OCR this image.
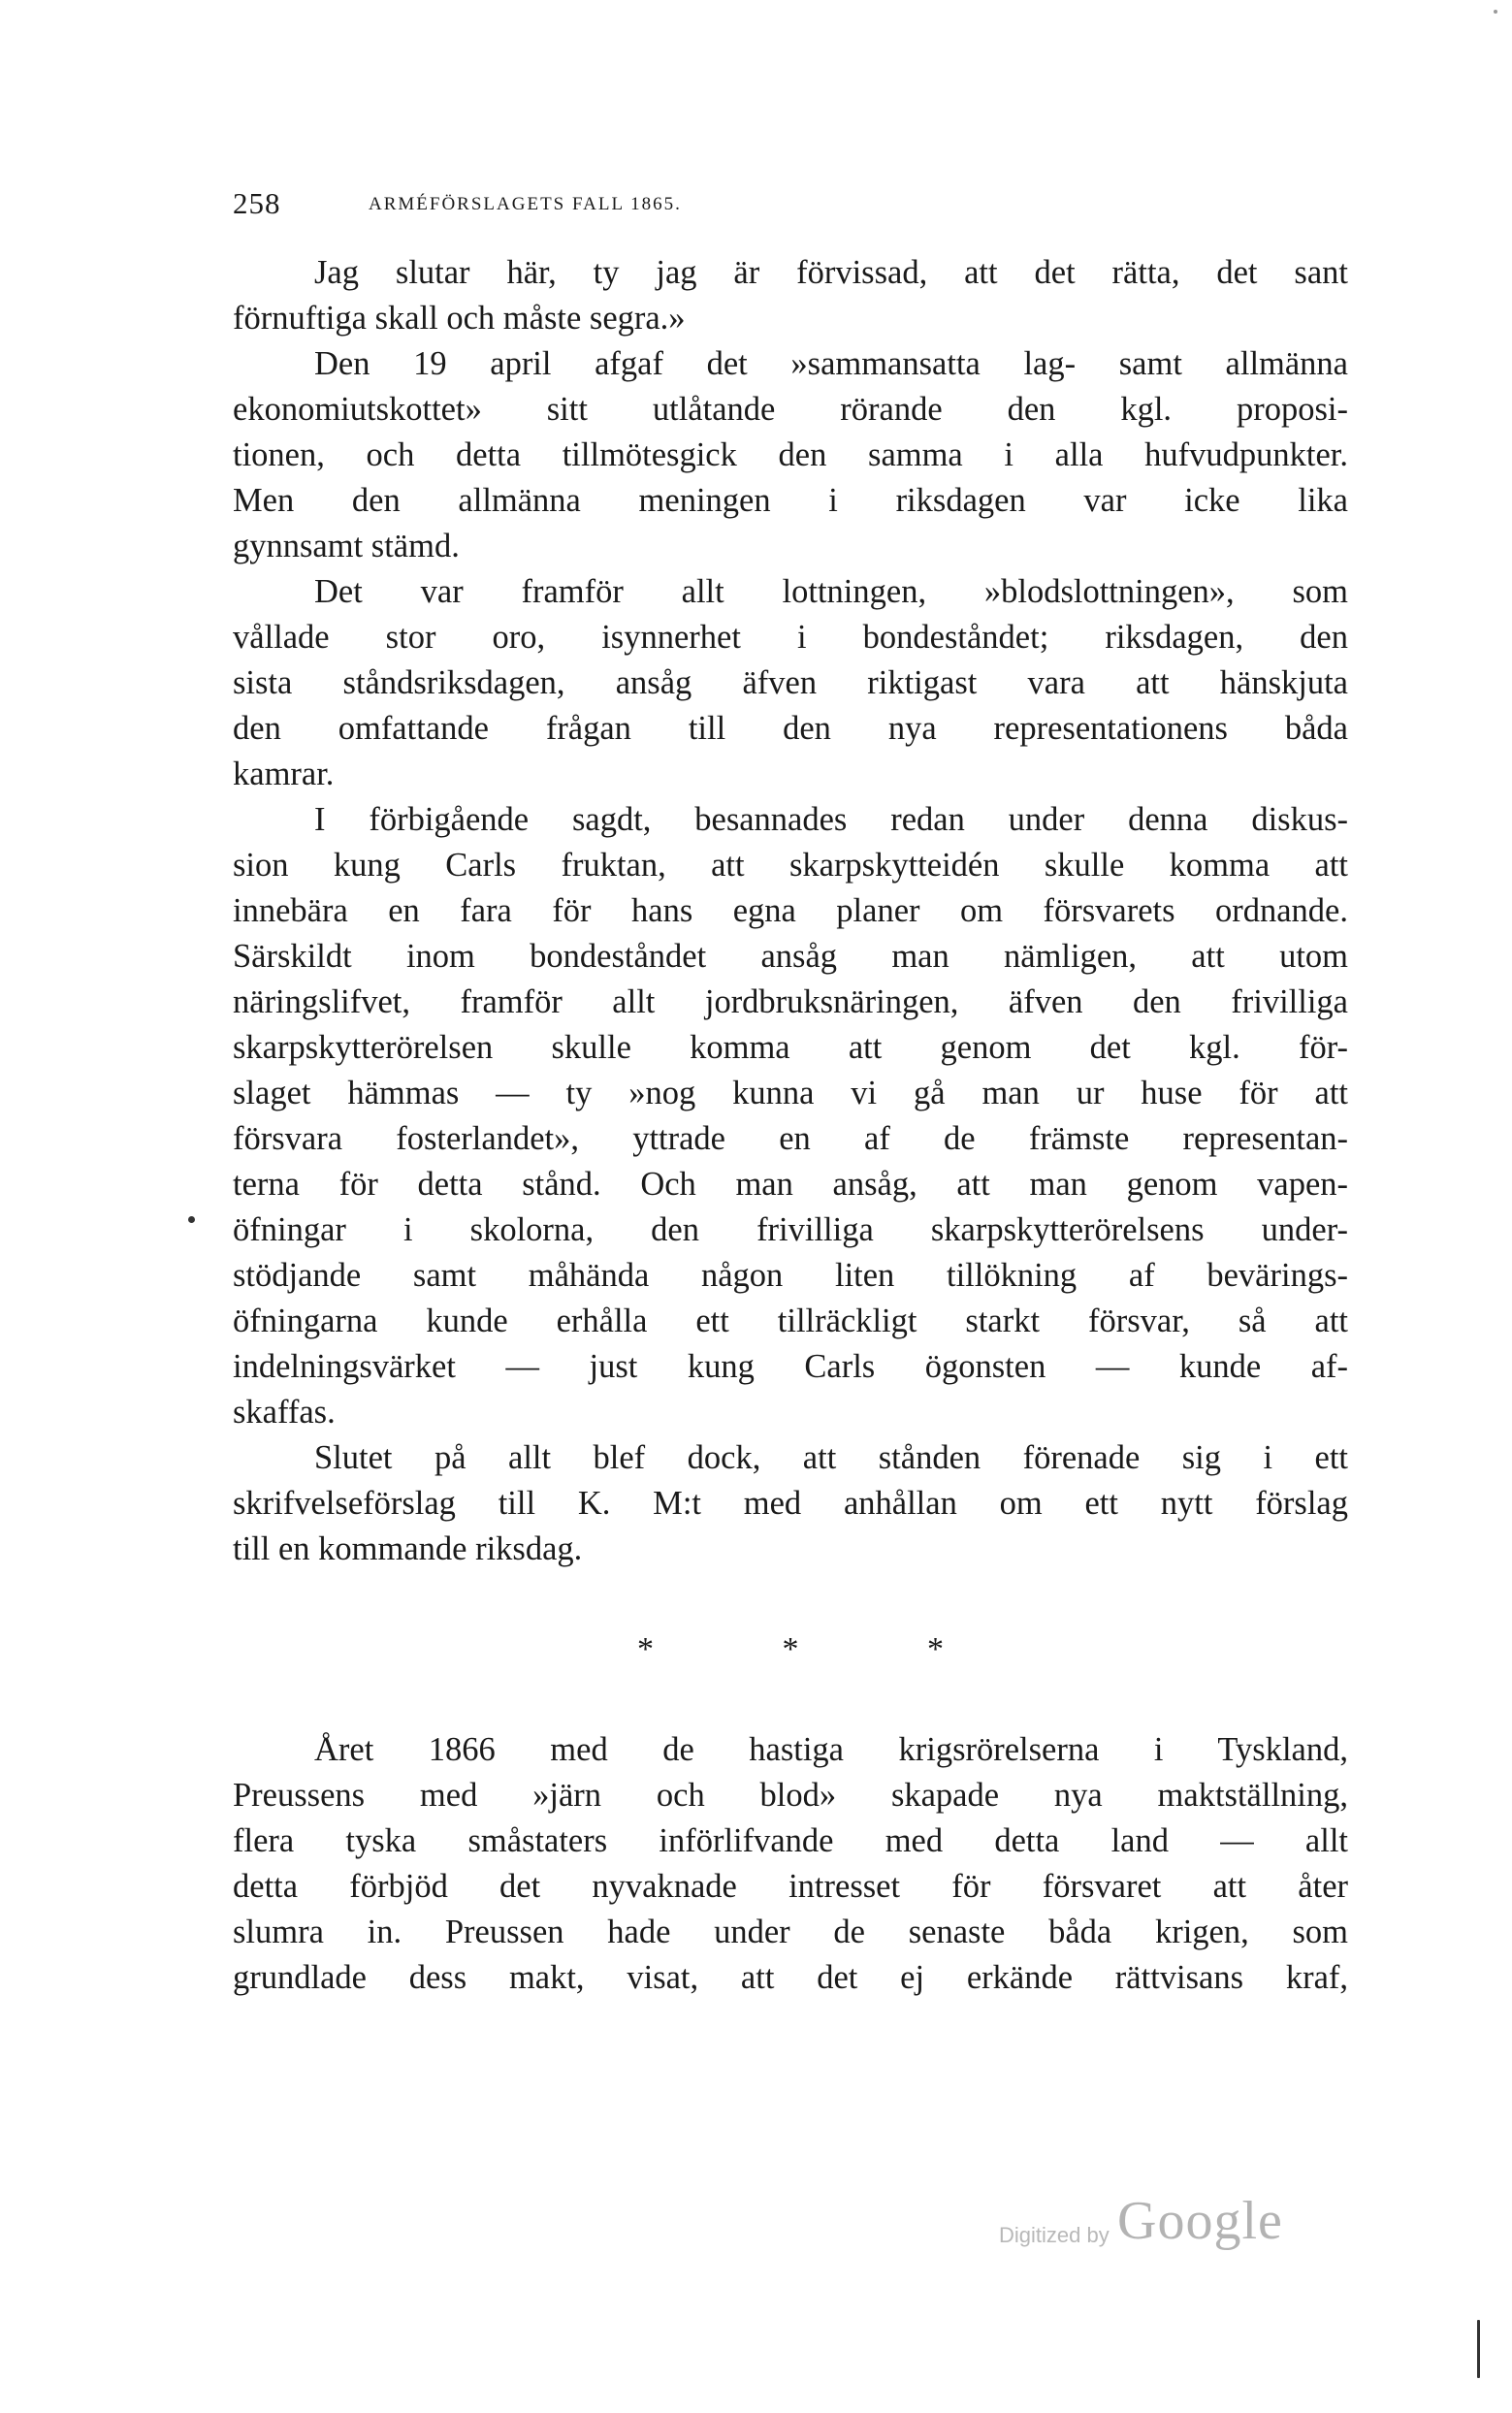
258	ARMÉFÖRSLAGETS FALL 1865.
Jag slutar här, ty jag är förvissad, att det rätta, det sant
förnuftiga skall och måste segra.»
Den 19 april afgaf det »sammansatta lag- samt allmänna
ekonomiutskottet» sitt utlåtande rörande den kgl. proposi-
tionen, och detta tillmötesgick den samma i alla hufvudpunkter.
Men den allmänna meningen i riksdagen var icke lika
gynnsamt stämd.
Det var framför allt lottningen, »blodslottningen», som
vållade stor oro, isynnerhet i bondeståndet; riksdagen, den
sista ståndsriksdagen, ansåg äfven riktigast vara att hänskjuta
den omfattande frågan till den nya representationens båda
kamrar.
I förbigående sagdt, besannades redan under denna diskus-
sion kung Carls fruktan, att skarpskytteidén skulle komma att
innebära en fara för hans egna planer om försvarets ordnande.
Särskildt inom bondeståndet ansåg man nämligen, att utom
näringslifvet, framför allt jordbruksnäringen, äfven den frivilliga
skarpskytterörelsen skulle komma att genom det kgl. för-
slaget hämmas — ty »nog kunna vi gå man ur huse för att
försvara fosterlandet», yttrade en af de främste representan-
terna för detta stånd. Och man ansåg, att man genom vapen-
öfningar i skolorna, den frivilliga skarpskytterörelsens under-
stödjande samt måhända någon liten tillökning af bevärings-
öfningarna kunde erhålla ett tillräckligt starkt försvar, så att
indelningsvärket — just kung Carls ögonsten — kunde af-
skaffas.
Slutet på allt blef dock, att stånden förenade sig i ett
skrifvelseförslag till K. M:t med anhållan om ett nytt förslag
till en kommande riksdag.
* * *
Året 1866 med de hastiga krigsrörelserna i Tyskland,
Preussens med »järn och blod» skapade nya maktställning,
flera tyska småstaters införlifvande med detta land — allt
detta förbjöd det nyvaknade intresset för försvaret att åter
slumra in. Preussen hade under de senaste båda krigen, som
grundlade dess makt, visat, att det ej erkände rättvisans kraf,
Digitized by Google
